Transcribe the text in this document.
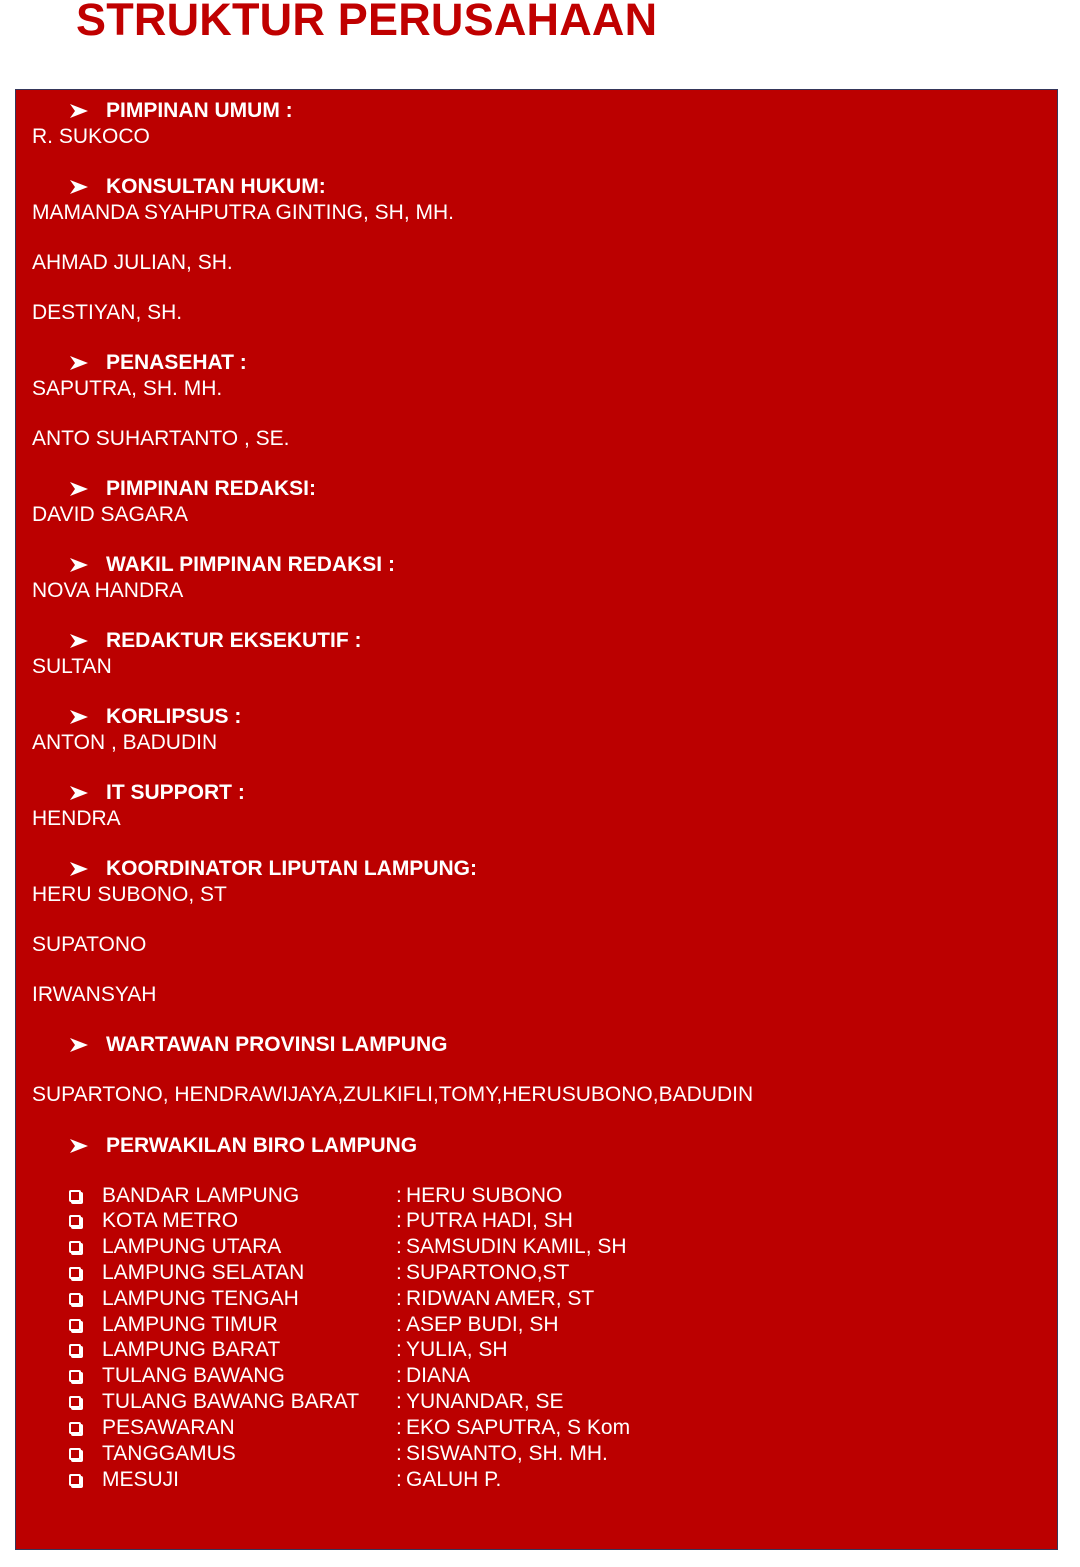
STRUKTUR PERUSAHAAN
PIMPINAN UMUM :
R. SUKOCO
KONSULTAN HUKUM:
MAMANDA SYAHPUTRA GINTING, SH, MH.
AHMAD JULIAN, SH.
DESTIYAN, SH.
PENASEHAT :
SAPUTRA, SH. MH.
ANTO SUHARTANTO , SE.
PIMPINAN REDAKSI:
DAVID SAGARA
WAKIL PIMPINAN REDAKSI :
NOVA HANDRA
REDAKTUR EKSEKUTIF :
SULTAN
KORLIPSUS :
ANTON , BADUDIN
IT SUPPORT :
HENDRA
KOORDINATOR LIPUTAN LAMPUNG:
HERU SUBONO, ST
SUPATONO
IRWANSYAH
WARTAWAN PROVINSI LAMPUNG
SUPARTONO, HENDRAWIJAYA,ZULKIFLI,TOMY,HERUSUBONO,BADUDIN
PERWAKILAN BIRO LAMPUNG
BANDAR LAMPUNG	: HERU SUBONO
KOTA METRO	: PUTRA HADI, SH
LAMPUNG UTARA	: SAMSUDIN KAMIL, SH
LAMPUNG SELATAN	: SUPARTONO,ST
LAMPUNG TENGAH	: RIDWAN AMER, ST
LAMPUNG TIMUR	: ASEP BUDI, SH
LAMPUNG BARAT	: YULIA, SH
TULANG BAWANG	: DIANA
TULANG BAWANG BARAT	: YUNANDAR, SE
PESAWARAN	: EKO SAPUTRA, S Kom
TANGGAMUS	: SISWANTO, SH. MH.
MESUJI	: GALUH P.
